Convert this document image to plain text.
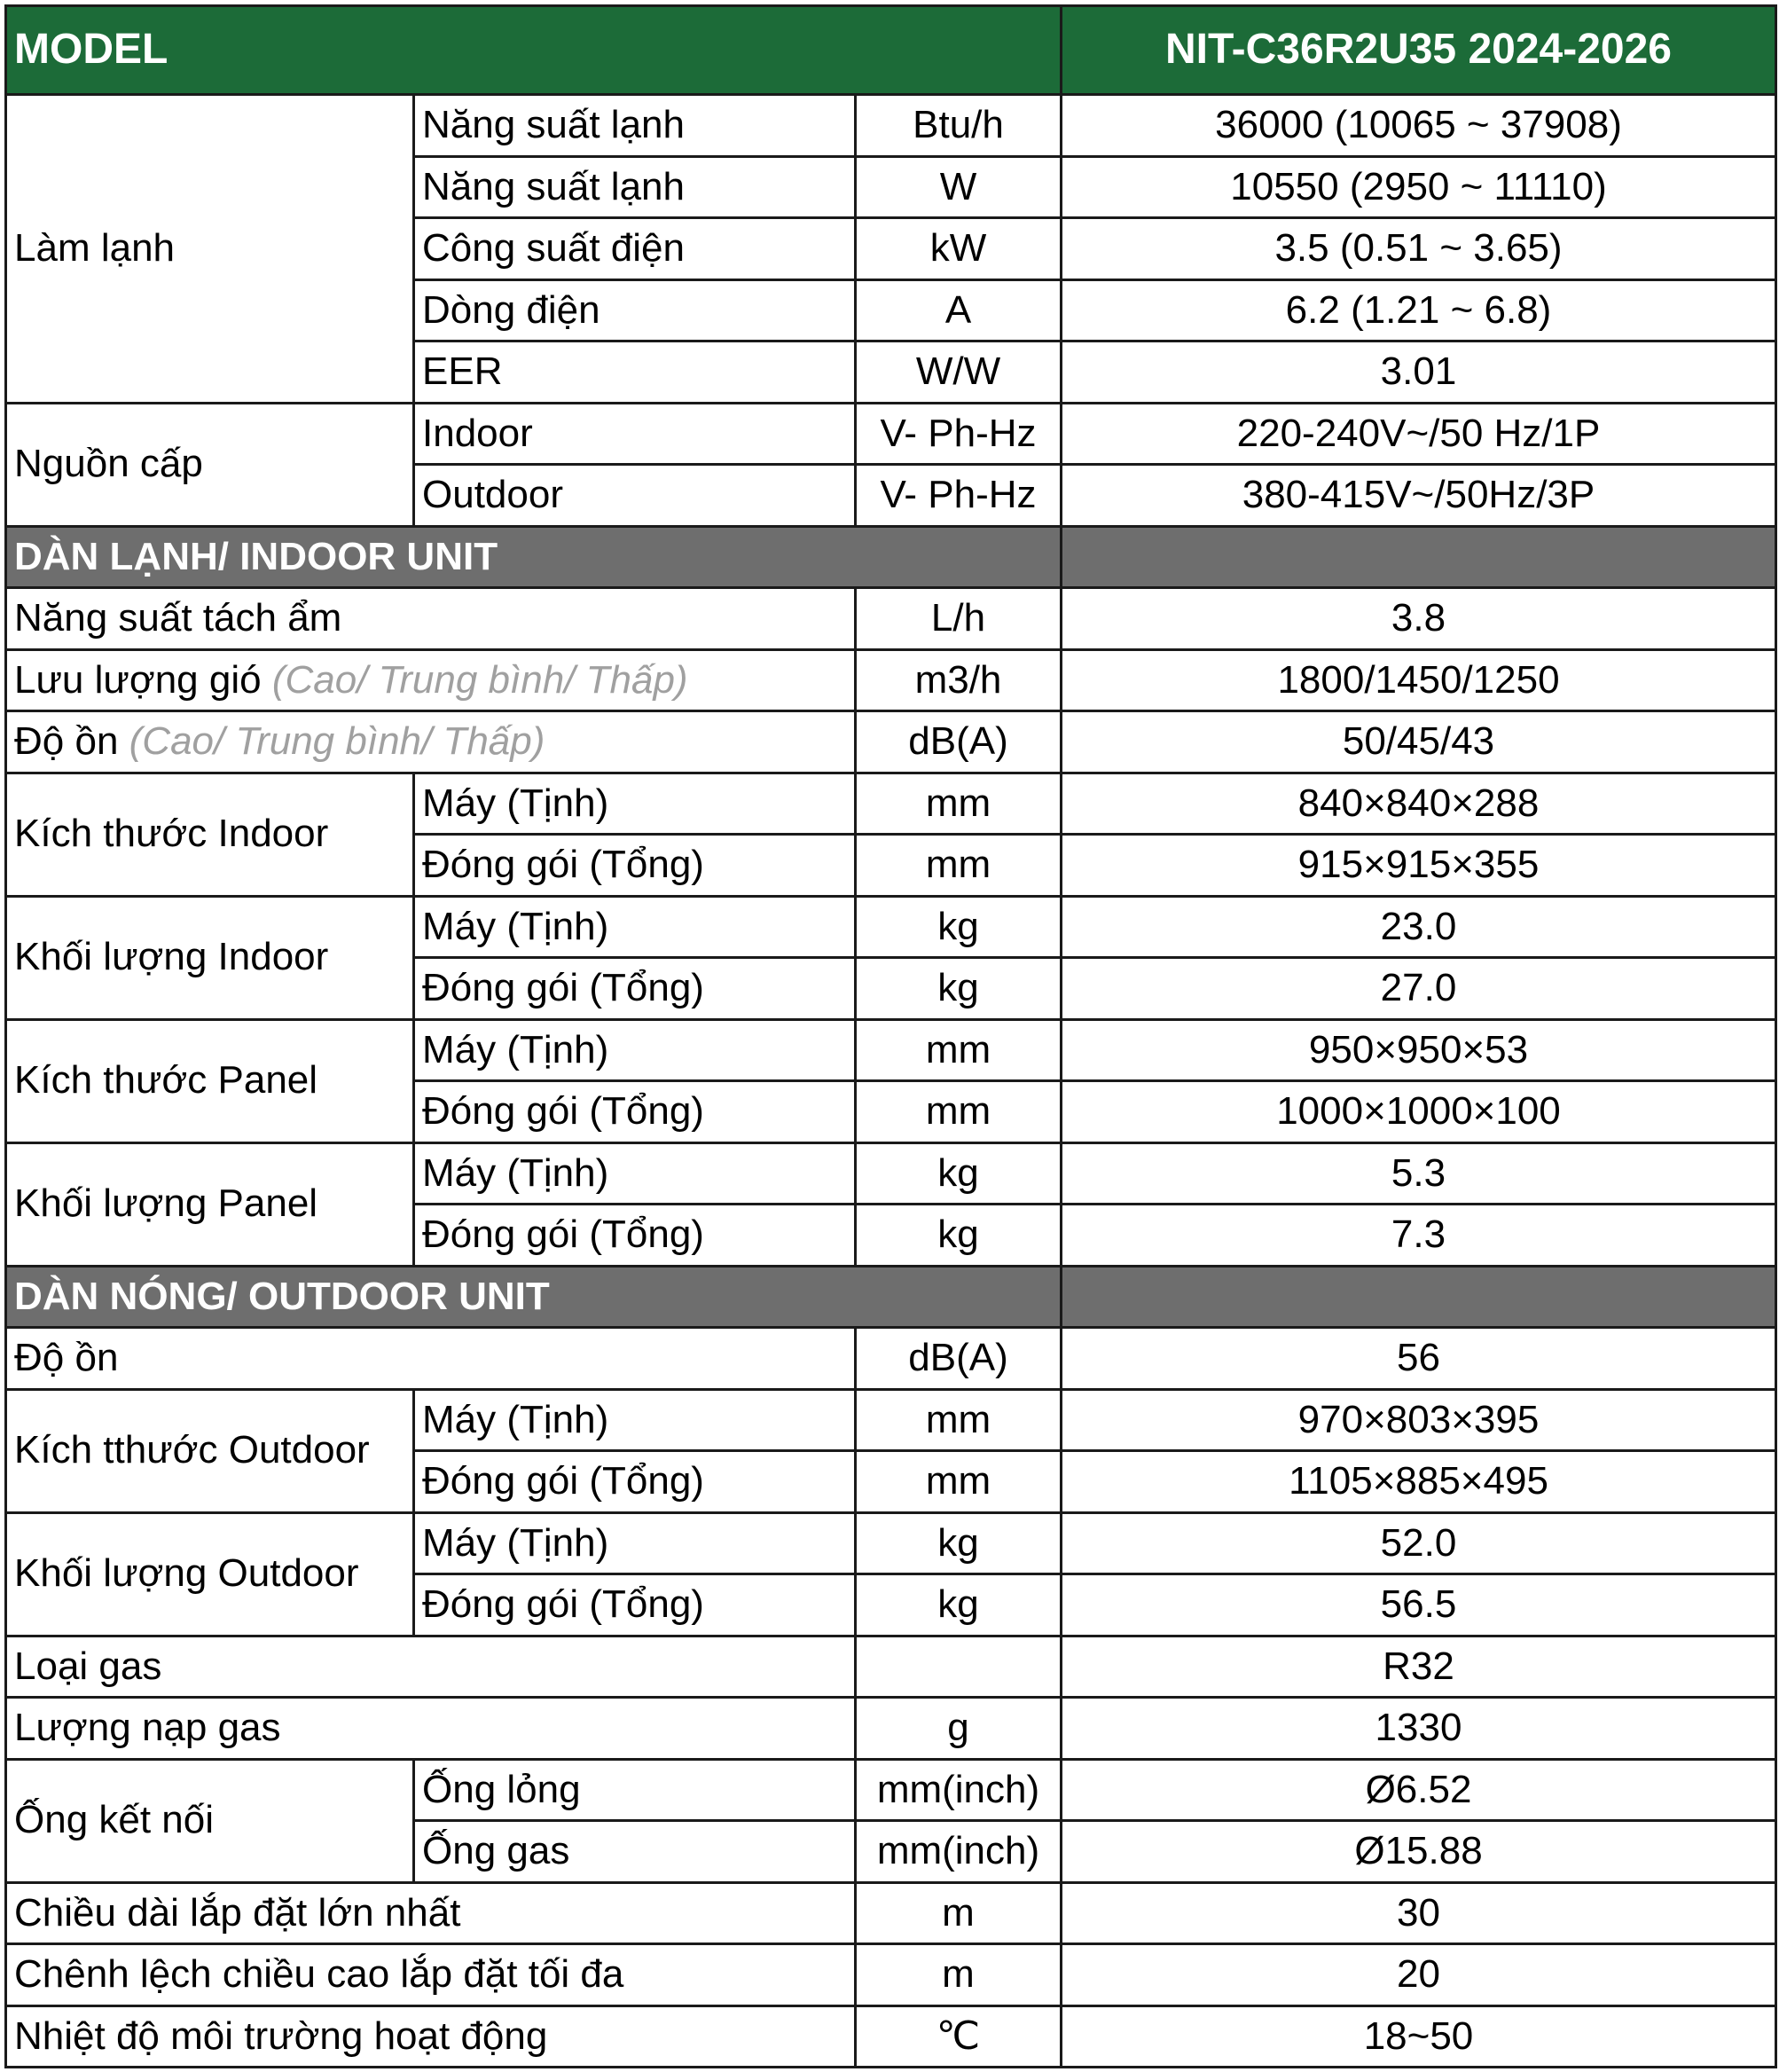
MODEL			NIT-C36R2U35 2024-2026
Làm lạnh	Năng suất lạnh	Btu/h	36000 (10065 ~ 37908)
	Năng suất lạnh	W	10550 (2950 ~ 11110)
	Công suất điện	kW	3.5 (0.51 ~ 3.65)
	Dòng điện	A	6.2 (1.21 ~ 6.8)
	EER	W/W	3.01
Nguồn cấp	Indoor	V- Ph-Hz	220-240V~/50 Hz/1P
	Outdoor	V- Ph-Hz	380-415V~/50Hz/3P
DÀN LẠNH/ INDOOR UNIT			
Năng suất tách ẩm		L/h	3.8
Lưu lượng gió (Cao/ Trung bình/ Thấp)		m3/h	1800/1450/1250
Độ ồn (Cao/ Trung bình/ Thấp)		dB(A)	50/45/43
Kích thước Indoor	Máy (Tịnh)	mm	840×840×288
	Đóng gói (Tổng)	mm	915×915×355
Khối lượng Indoor	Máy (Tịnh)	kg	23.0
	Đóng gói (Tổng)	kg	27.0
Kích thước Panel	Máy (Tịnh)	mm	950×950×53
	Đóng gói (Tổng)	mm	1000×1000×100
Khối lượng Panel	Máy (Tịnh)	kg	5.3
	Đóng gói (Tổng)	kg	7.3
DÀN NÓNG/ OUTDOOR UNIT			
Độ ồn		dB(A)	56
Kích tthước Outdoor	Máy (Tịnh)	mm	970×803×395
	Đóng gói (Tổng)	mm	1105×885×495
Khối lượng Outdoor	Máy (Tịnh)	kg	52.0
	Đóng gói (Tổng)	kg	56.5
Loại gas			R32
Lượng nạp gas		g	1330
Ống kết nối	Ống lỏng	mm(inch)	Ø6.52
	Ống gas	mm(inch)	Ø15.88
Chiều dài lắp đặt lớn nhất		m	30
Chênh lệch chiều cao lắp đặt tối đa		m	20
Nhiệt độ môi trường hoạt động		℃	18~50
